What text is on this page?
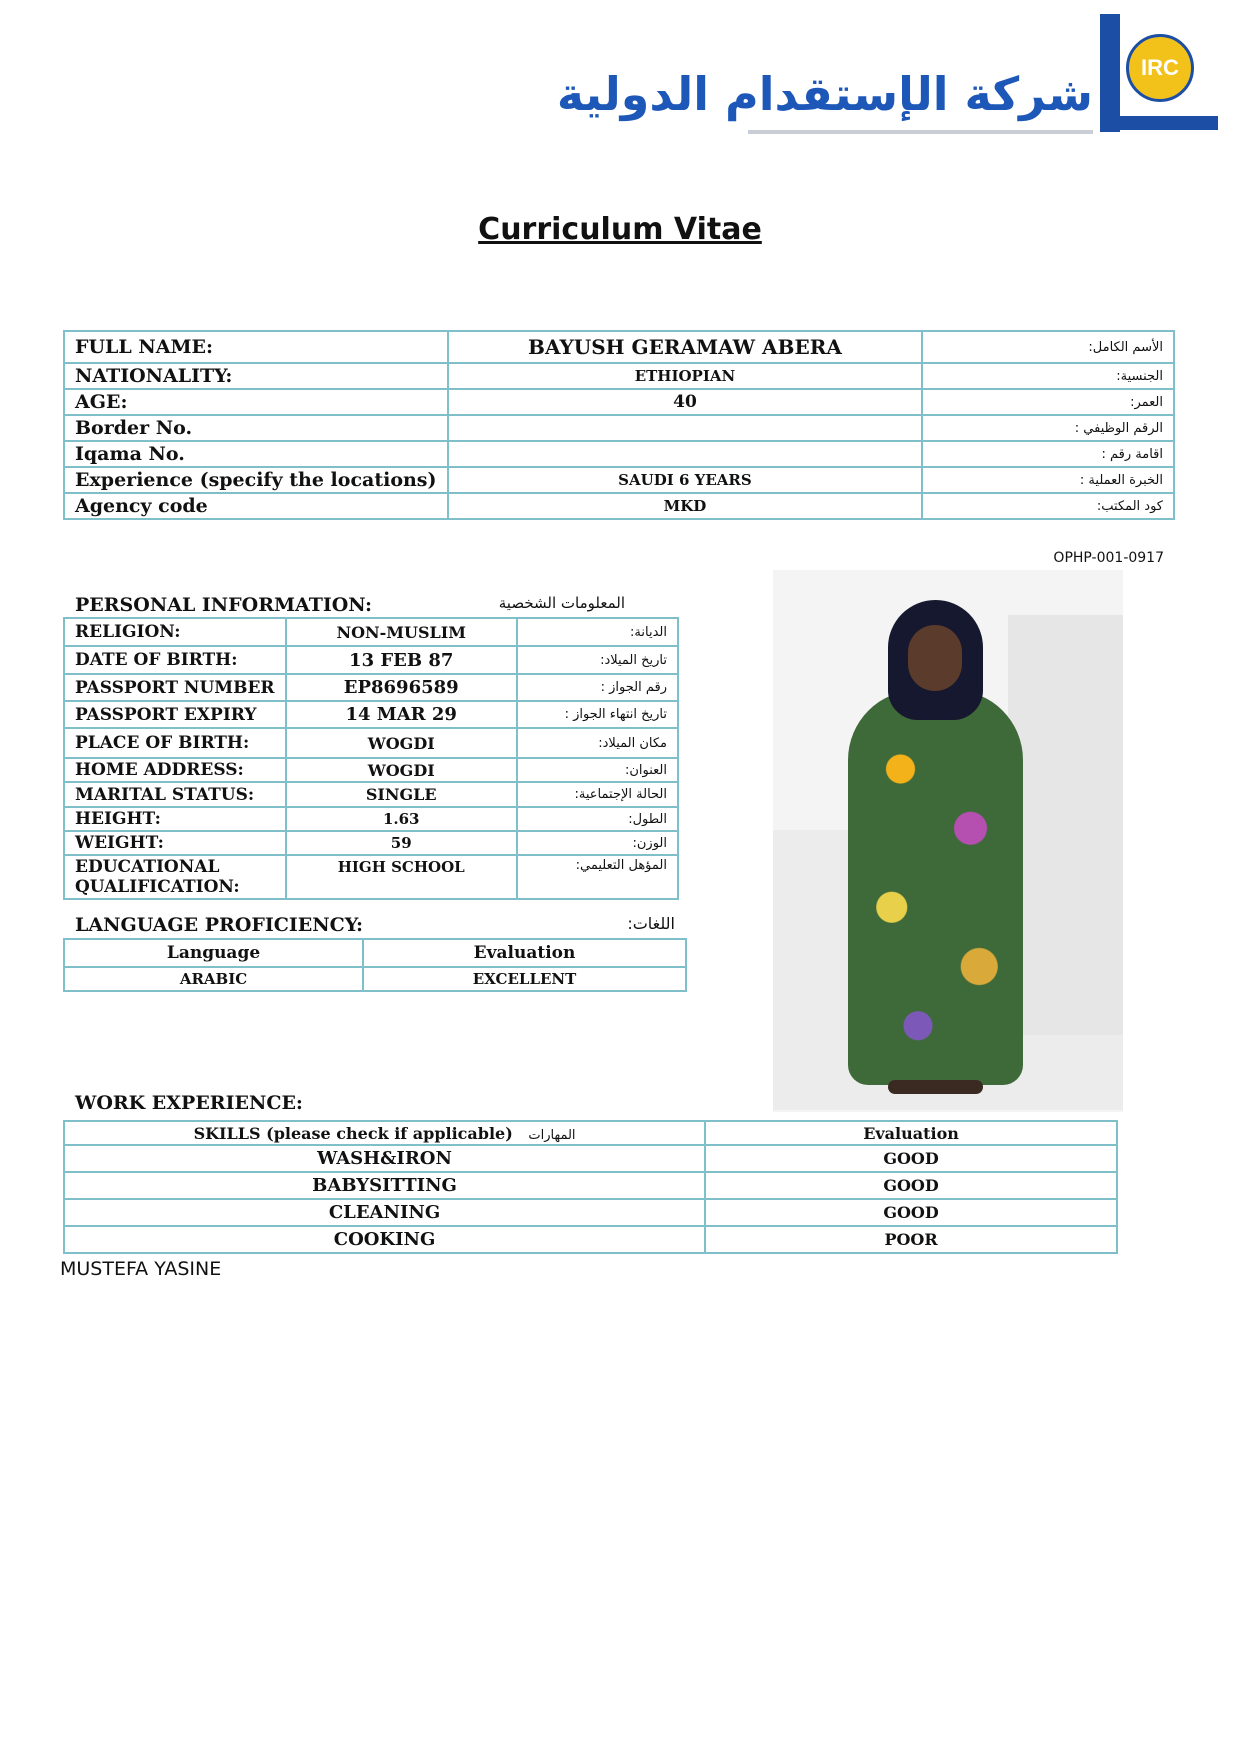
شركة الإستقدام الدولية	IRC
Curriculum Vitae
FULL NAME:	BAYUSH GERAMAW ABERA	الأسم الكامل:
NATIONALITY:	ETHIOPIAN	الجنسية:
AGE:	40	العمر:
Border No.		الرقم الوظيفي :
Iqama No.		اقامة رقم :
Experience (specify the locations)	SAUDI 6 YEARS	الخبرة العملية :
Agency code	MKD	كود المكتب:
OPHP-001-0917
PERSONAL INFORMATION:	المعلومات الشخصية
RELIGION:	NON-MUSLIM	الديانة:
DATE OF BIRTH:	13 FEB 87	تاريخ الميلاد:
PASSPORT NUMBER	EP8696589	رقم الجواز :
PASSPORT EXPIRY	14 MAR 29	تاريخ انتهاء الجواز :
PLACE OF BIRTH:	WOGDI	مكان الميلاد:
HOME ADDRESS:	WOGDI	العنوان:
MARITAL STATUS:	SINGLE	الحالة الإجتماعية:
HEIGHT:	1.63	الطول:
WEIGHT:	59	الوزن:
EDUCATIONAL
QUALIFICATION:	HIGH SCHOOL	المؤهل التعليمي:
LANGUAGE PROFICIENCY:	اللغات:
Language	Evaluation
ARABIC	EXCELLENT
WORK EXPERIENCE:
SKILLS (please check if applicable) المهارات	Evaluation
WASH&IRON	GOOD
BABYSITTING	GOOD
CLEANING	GOOD
COOKING	POOR
MUSTEFA YASINE
